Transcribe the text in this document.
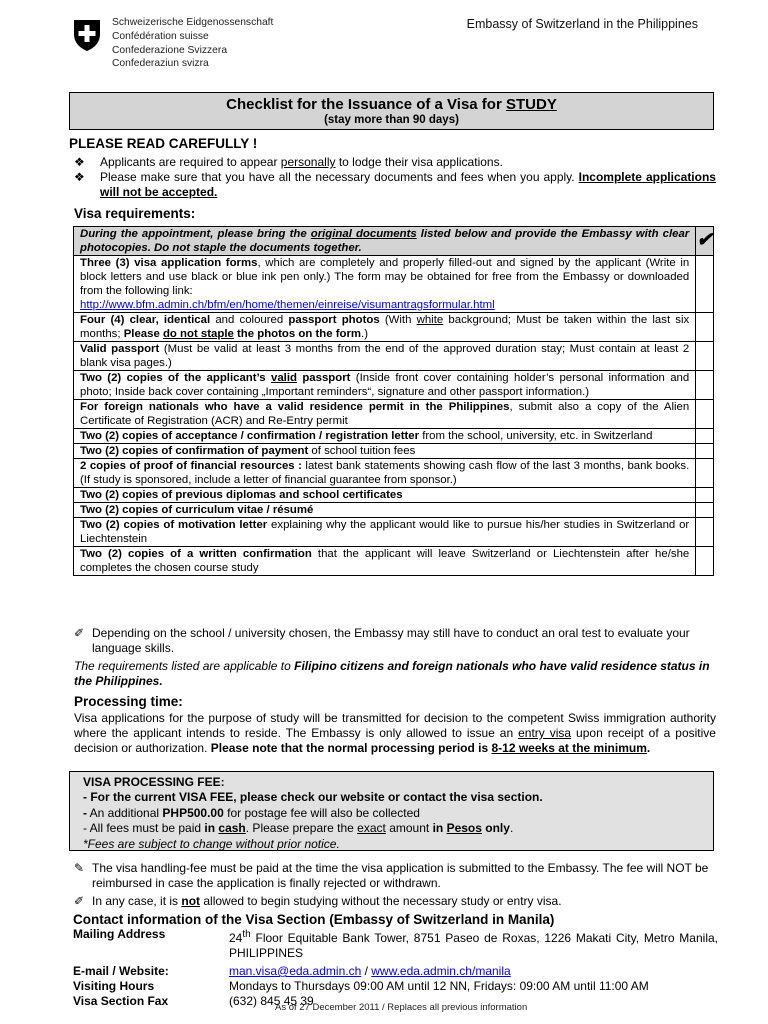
Schweizerische Eidgenossenschaft
Confédération suisse
Confederazione Svizzera
Confederaziun svizra
Embassy of Switzerland in the Philippines
Checklist for the Issuance of a Visa for STUDY
(stay more than 90 days)
PLEASE READ CAREFULLY !
❖ Applicants are required to appear personally to lodge their visa applications.
❖ Please make sure that you have all the necessary documents and fees when you apply. Incomplete applications will not be accepted.
Visa requirements:
During the appointment, please bring the original documents listed below and provide the Embassy with clear photocopies. Do not staple the documents together.	✔
Three (3) visa application forms, which are completely and properly filled-out and signed by the applicant (Write in block letters and use black or blue ink pen only.) The form may be obtained for free from the Embassy or downloaded from the following link:
http://www.bfm.admin.ch/bfm/en/home/themen/einreise/visumantragsformular.html	
Four (4) clear, identical and coloured passport photos (With white background; Must be taken within the last six months; Please do not staple the photos on the form.)	
Valid passport (Must be valid at least 3 months from the end of the approved duration stay; Must contain at least 2 blank visa pages.)	
Two (2) copies of the applicant’s valid passport (Inside front cover containing holder’s personal information and photo; Inside back cover containing „Important reminders“, signature and other passport information.)	
For foreign nationals who have a valid residence permit in the Philippines, submit also a copy of the Alien Certificate of Registration (ACR) and Re-Entry permit	
Two (2) copies of acceptance / confirmation / registration letter from the school, university, etc. in Switzerland	
Two (2) copies of confirmation of payment of school tuition fees	
2 copies of proof of financial resources : latest bank statements showing cash flow of the last 3 months, bank books. (If study is sponsored, include a letter of financial guarantee from sponsor.)	
Two (2) copies of previous diplomas and school certificates	
Two (2) copies of curriculum vitae / résumé	
Two (2) copies of motivation letter explaining why the applicant would like to pursue his/her studies in Switzerland or Liechtenstein	
Two (2) copies of a written confirmation that the applicant will leave Switzerland or Liechtenstein after he/she completes the chosen course study	
✐ Depending on the school / university chosen, the Embassy may still have to conduct an oral test to evaluate your language skills.
The requirements listed are applicable to Filipino citizens and foreign nationals who have valid residence status in the Philippines.
Processing time:
Visa applications for the purpose of study will be transmitted for decision to the competent Swiss immigration authority where the applicant intends to reside. The Embassy is only allowed to issue an entry visa upon receipt of a positive decision or authorization. Please note that the normal processing period is 8-12 weeks at the minimum.
VISA PROCESSING FEE:
- For the current VISA FEE, please check our website or contact the visa section.
- An additional PHP500.00 for postage fee will also be collected
- All fees must be paid in cash. Please prepare the exact amount in Pesos only.
*Fees are subject to change without prior notice.
✎ The visa handling-fee must be paid at the time the visa application is submitted to the Embassy. The fee will NOT be reimbursed in case the application is finally rejected or withdrawn.
✐ In any case, it is not allowed to begin studying without the necessary study or entry visa.
Contact information of the Visa Section (Embassy of Switzerland in Manila)
Mailing Address	24th Floor Equitable Bank Tower, 8751 Paseo de Roxas, 1226 Makati City, Metro Manila, PHILIPPINES
E-mail / Website:	man.visa@eda.admin.ch / www.eda.admin.ch/manila
Visiting Hours	Mondays to Thursdays 09:00 AM until 12 NN, Fridays: 09:00 AM until 11:00 AM
Visa Section Fax	(632) 845 45 39
As of 27 December 2011 / Replaces all previous information
